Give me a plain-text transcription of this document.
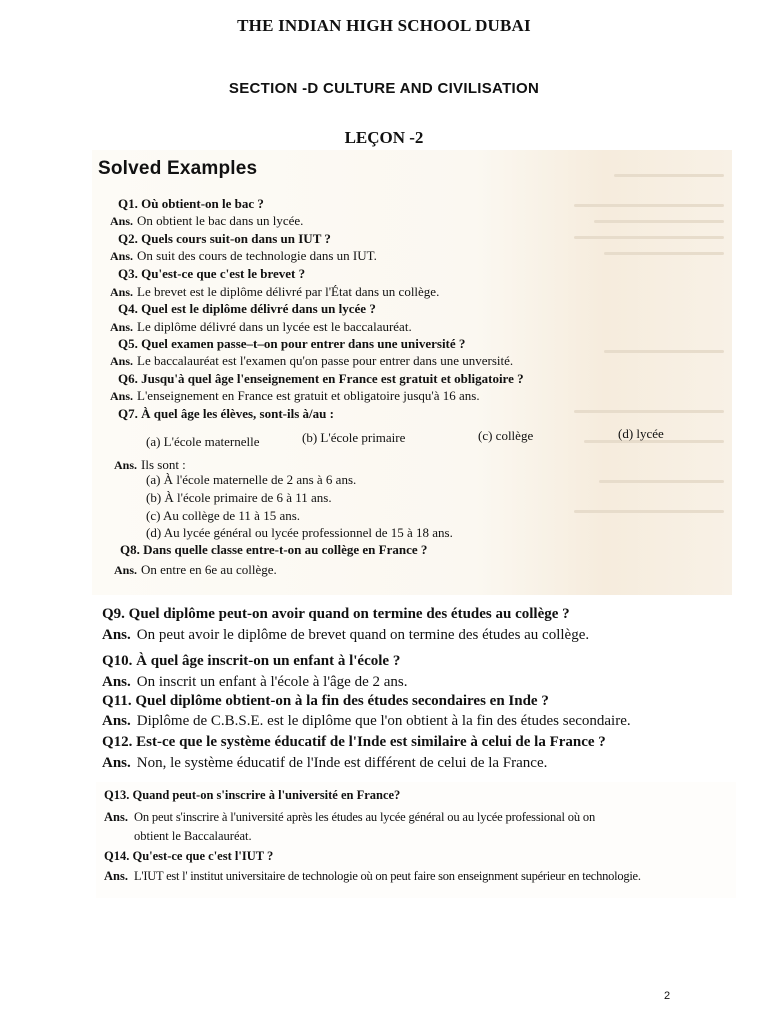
THE INDIAN HIGH SCHOOL DUBAI
SECTION -D CULTURE AND CIVILISATION
LEÇON -2
Solved Examples
Q1. Où obtient-on le bac ?
Ans. On obtient le bac dans un lycée.
Q2. Quels cours suit-on dans un IUT ?
Ans. On suit des cours de technologie dans un IUT.
Q3. Qu'est-ce que c'est le brevet ?
Ans. Le brevet est le diplôme délivré par l'État dans un collège.
Q4. Quel est le diplôme délivré dans un lycée ?
Ans. Le diplôme délivré dans un lycée est le baccalauréat.
Q5. Quel examen passe–t–on pour entrer dans une université ?
Ans. Le baccalauréat est l'examen qu'on passe pour entrer dans une unversité.
Q6. Jusqu'à quel âge l'enseignement en France est gratuit et obligatoire ?
Ans. L'enseignement en France est gratuit et obligatoire jusqu'à 16 ans.
Q7. À quel âge les élèves, sont-ils à/au :
(a) L'école maternelle	(b) L'école primaire	(c) collège	(d) lycée
Ans. Ils sont :
(a) À l'école maternelle de 2 ans à 6 ans.
(b) À l'école primaire de 6 à 11 ans.
(c) Au collège de 11 à 15 ans.
(d) Au lycée général ou lycée professionnel de 15 à 18 ans.
Q8. Dans quelle classe entre-t-on au collège en France ?
Ans. On entre en 6e au collège.
Q9. Quel diplôme peut-on avoir quand on termine des études au collège ?
Ans. On peut avoir le diplôme de brevet quand on termine des études au collège.
Q10. À quel âge inscrit-on un enfant à l'école ?
Ans. On inscrit un enfant à l'école à l'âge de 2 ans.
Q11. Quel diplôme obtient-on à la fin des études secondaires en Inde ?
Ans. Diplôme de C.B.S.E. est le diplôme que l'on obtient à la fin des études secondaire.
Q12. Est-ce que le système éducatif de l'Inde est similaire à celui de la France ?
Ans. Non, le système éducatif de l'Inde est différent de celui de la France.
Q13. Quand peut-on s'inscrire à l'université en France?
Ans. On peut s'inscrire à l'université après les études au lycée général ou au lycée professional où on
obtient le Baccalauréat.
Q14. Qu'est-ce que c'est l'IUT ?
Ans. L'IUT est l' institut universitaire de technologie où on peut faire son enseignment supérieur en technologie.
2
